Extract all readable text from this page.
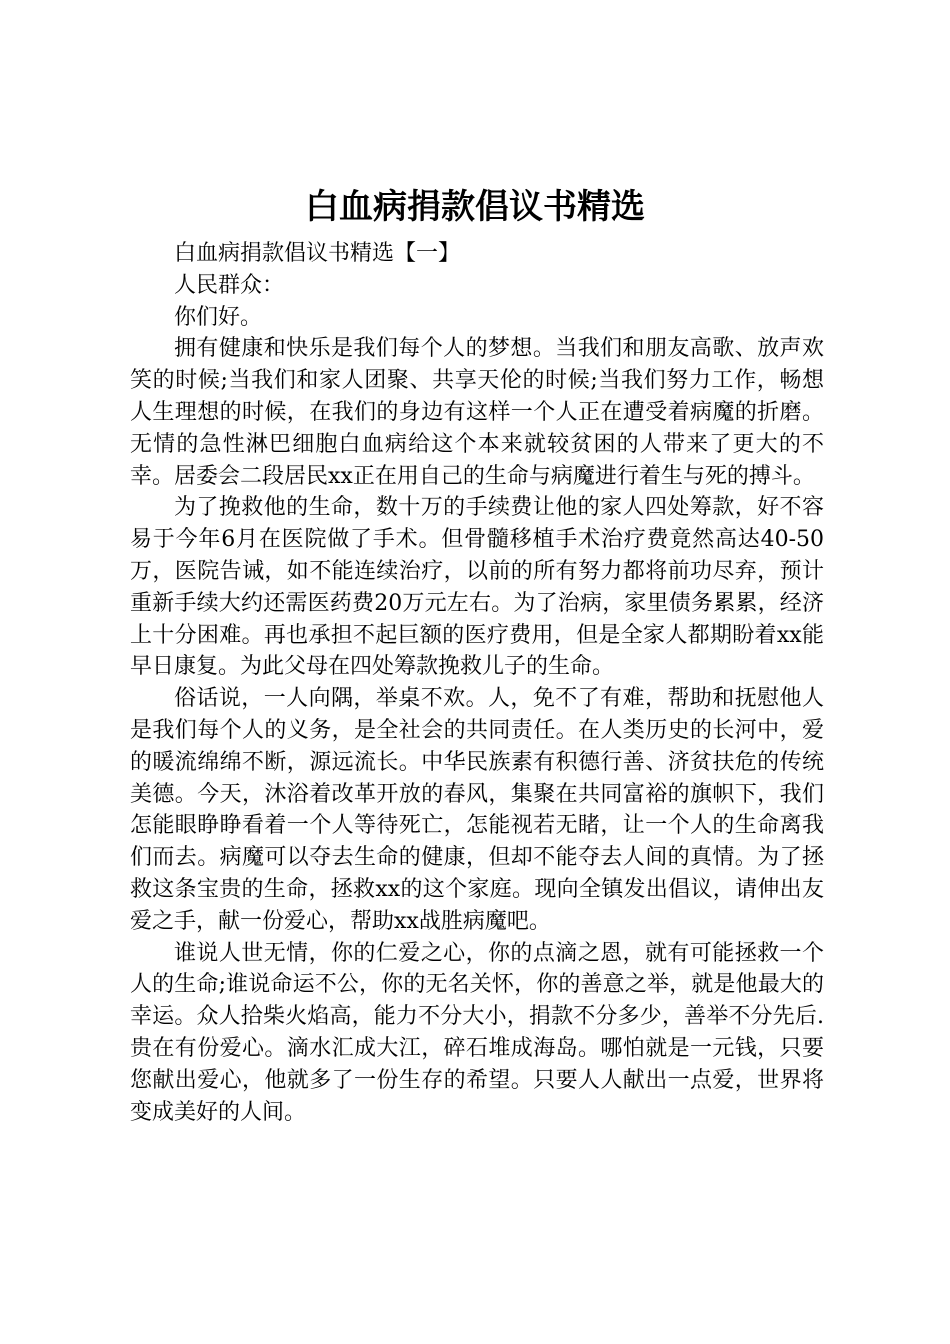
白血病捐款倡议书精选

白血病捐款倡议书精选【一】

人民群众：

你们好。

拥有健康和快乐是我们每个人的梦想。当我们和朋友高歌、放声欢笑的时候;当我们和家人团聚、共享天伦的时候;当我们努力工作，畅想人生理想的时候，在我们的身边有这样一个人正在遭受着病魔的折磨。无情的急性淋巴细胞白血病给这个本来就较贫困的人带来了更大的不幸。居委会二段居民xx正在用自己的生命与病魔进行着生与死的搏斗。

为了挽救他的生命，数十万的手续费让他的家人四处筹款，好不容易于今年6月在医院做了手术。但骨髓移植手术治疗费竟然高达40-50万，医院告诫，如不能连续治疗，以前的所有努力都将前功尽弃，预计重新手续大约还需医药费20万元左右。为了治病，家里债务累累，经济上十分困难。再也承担不起巨额的医疗费用，但是全家人都期盼着xx能早日康复。为此父母在四处筹款挽救儿子的生命。

俗话说，一人向隅，举桌不欢。人，免不了有难，帮助和抚慰他人是我们每个人的义务，是全社会的共同责任。在人类历史的长河中，爱的暖流绵绵不断，源远流长。中华民族素有积德行善、济贫扶危的传统美德。今天，沐浴着改革开放的春风，集聚在共同富裕的旗帜下，我们怎能眼睁睁看着一个人等待死亡，怎能视若无睹，让一个人的生命离我们而去。病魔可以夺去生命的健康，但却不能夺去人间的真情。为了拯救这条宝贵的生命，拯救xx的这个家庭。现向全镇发出倡议，请伸出友爱之手，献一份爱心，帮助xx战胜病魔吧。

谁说人世无情，你的仁爱之心，你的点滴之恩，就有可能拯救一个人的生命;谁说命运不公，你的无名关怀，你的善意之举，就是他最大的幸运。众人拾柴火焰高，能力不分大小，捐款不分多少，善举不分先后.贵在有份爱心。滴水汇成大江，碎石堆成海岛。哪怕就是一元钱，只要您献出爱心，他就多了一份生存的希望。只要人人献出一点爱，世界将变成美好的人间。
